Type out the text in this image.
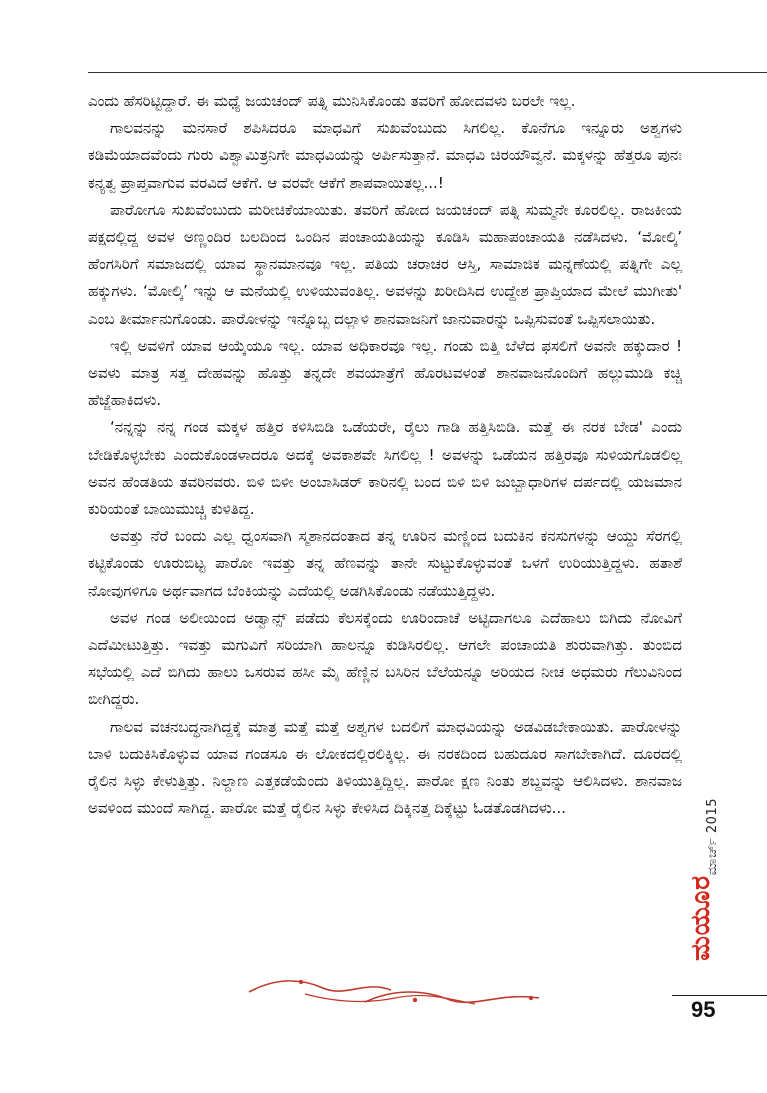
ಎಂದು ಹೆಸರಿಟ್ಟಿದ್ದಾರೆ. ಈ ಮಧ್ಯೆ ಜಯಚಂದ್ ಪತ್ನಿ ಮುನಿಸಿಕೊಂಡು ತವರಿಗೆ ಹೋದವಳು ಬರಲೇ ಇಲ್ಲ.

ಗಾಲವನನ್ನು ಮನಸಾರೆ ಶಪಿಸಿದರೂ ಮಾಧವಿಗೆ ಸುಖವೆಂಬುದು ಸಿಗಲಿಲ್ಲ. ಕೊನೆಗೂ ಇನ್ನೂರು ಅಶ್ವಗಳು ಕಡಿಮೆಯಾದವೆಂದು ಗುರು ವಿಶ್ವಾಮಿತ್ರನಿಗೇ ಮಾಧವಿಯನ್ನು ಅರ್ಪಿಸುತ್ತಾನೆ. ಮಾಧವಿ ಚಿರಯೌವ್ವನೆ. ಮಕ್ಕಳನ್ನು ಹೆತ್ತರೂ ಪುನಃ ಕನ್ಯತ್ವ ಪ್ರಾಪ್ತವಾಗುವ ವರವಿದೆ ಆಕೆಗೆ. ಆ ವರವೇ ಆಕೆಗೆ ಶಾಪವಾಯಿತಲ್ಲ...!

ಪಾರೋಗೂ ಸುಖವೆಂಬುದು ಮರೀಚಿಕೆಯಾಯಿತು. ತವರಿಗೆ ಹೋದ ಜಯಚಂದ್ ಪತ್ನಿ ಸುಮ್ಮನೇ ಕೂರಲಿಲ್ಲ. ರಾಜಕೀಯ ಪಕ್ಷದಲ್ಲಿದ್ದ ಅವಳ ಅಣ್ಣಂದಿರ ಬಲದಿಂದ ಒಂದಿನ ಪಂಚಾಯತಿಯನ್ನು ಕೂಡಿಸಿ ಮಹಾಪಂಚಾಯತಿ ನಡೆಸಿದಳು. ‘ಮೋಲ್ಕಿ’ ಹೆಂಗಸಿರಿಗೆ ಸಮಾಜದಲ್ಲಿ ಯಾವ ಸ್ಥಾನಮಾನವೂ ಇಲ್ಲ. ಪತಿಯ ಚರಾಚರ ಆಸ್ತಿ, ಸಾಮಾಜಿಕ ಮನ್ನಣೆಯಲ್ಲಿ ಪತ್ನಿಗೇ ಎಲ್ಲ ಹಕ್ಕುಗಳು. ‘ಮೋಲ್ಕಿ’ ಇನ್ನು ಆ ಮನೆಯಲ್ಲಿ ಉಳಿಯುವಂತಿಲ್ಲ. ಅವಳನ್ನು ಖರೀದಿಸಿದ ಉದ್ದೇಶ ಪ್ರಾಪ್ತಿಯಾದ ಮೇಲೆ ಮುಗೀತು' ಎಂಬ ತೀರ್ಮಾನುಗೊಂಡು. ಪಾರೋಳನ್ನು ಇನ್ನೊಬ್ಬ ದಲ್ಲಾಳಿ ಶಾನವಾಜನಿಗೆ ಜಾನುವಾರನ್ನು ಒಪ್ಪಿಸುವಂತೆ ಒಪ್ಪಿಸಲಾಯಿತು.

ಇಲ್ಲಿ ಅವಳಿಗೆ ಯಾವ ಆಯ್ಕೆಯೂ ಇಲ್ಲ. ಯಾವ ಅಧಿಕಾರವೂ ಇಲ್ಲ. ಗಂಡು ಬಿತ್ತಿ ಬೆಳೆದ ಫಸಲಿಗೆ ಅವನೇ ಹಕ್ಕುದಾರ ! ಅವಳು ಮಾತ್ರ ಸತ್ತ ದೇಹವನ್ನು ಹೊತ್ತು ತನ್ನದೇ ಶವಯಾತ್ರೆಗೆ ಹೊರಟವಳಂತೆ ಶಾನವಾಜನೊಂದಿಗೆ ಹಲ್ಲುಮುಡಿ ಕಚ್ಚಿ ಹೆಜ್ಜೆಹಾಕಿದಳು.

‘ನನ್ನನ್ನು ನನ್ನ ಗಂಡ ಮಕ್ಕಳ ಹತ್ತಿರ ಕಳಿಸಿಬಿಡಿ ಒಡೆಯರೇ, ರೈಲು ಗಾಡಿ ಹತ್ತಿಸಿಬಿಡಿ. ಮತ್ತೆ ಈ ನರಕ ಬೇಡ' ಎಂದು ಬೇಡಿಕೊಳ್ಳಬೇಕು ಎಂದುಕೊಂಡಳಾದರೂ ಅದಕ್ಕೆ ಅವಕಾಶವೇ ಸಿಗಲಿಲ್ಲ ! ಅವಳನ್ನು ಒಡೆಯನ ಹತ್ತಿರವೂ ಸುಳಿಯಗೊಡಲಿಲ್ಲ ಅವನ ಹೆಂಡತಿಯ ತವರಿನವರು. ಬಿಳಿ ಬಿಳೀ ಅಂಬಾಸಿಡರ್ ಕಾರಿನಲ್ಲಿ ಬಂದ ಬಿಳಿ ಬಿಳಿ ಜುಬ್ಬಾಧಾರಿಗಳ ದರ್ಪದಲ್ಲಿ ಯಜಮಾನ ಕುರಿಯಂತೆ ಬಾಯಿಮುಚ್ಚಿ ಕುಳಿತಿದ್ದ.

ಅವತ್ತು ನೆರೆ ಬಂದು ಎಲ್ಲ ಧ್ವಂಸವಾಗಿ ಸ್ಮಶಾನದಂತಾದ ತನ್ನ ಊರಿನ ಮಣ್ಣಿಂದ ಬದುಕಿನ ಕನಸುಗಳನ್ನು ಆಯ್ದು ಸೆರಗಲ್ಲಿ ಕಟ್ಟಿಕೊಂಡು ಊರುಬಿಟ್ಟ ಪಾರೋ ಇವತ್ತು ತನ್ನ ಹೆಣವನ್ನು ತಾನೇ ಸುಟ್ಟುಕೊಳ್ಳುವಂತೆ ಒಳಗೆ ಉರಿಯುತ್ತಿದ್ದಳು. ಹತಾಶೆ ನೋವುಗಳಿಗೂ ಅರ್ಥವಾಗದ ಬೆಂಕಿಯನ್ನು ಎದೆಯಲ್ಲಿ ಅಡಗಿಸಿಕೊಂಡು ನಡೆಯುತ್ತಿದ್ದಳು.

ಅವಳ ಗಂಡ ಅಲೀಯಿಂದ ಅಡ್ವಾನ್ಸ್ ಪಡೆದು ಕೆಲಸಕ್ಕೆಂದು ಊರಿಂದಾಚೆ ಅಟ್ಟಿದಾಗಲೂ ಎದೆಹಾಲು ಬಿಗಿದು ನೋವಿಗೆ ಎದೆಮೀಟುತ್ತಿತ್ತು. ಇವತ್ತು ಮಗುವಿಗೆ ಸರಿಯಾಗಿ ಹಾಲನ್ನೂ ಕುಡಿಸಿರಲಿಲ್ಲ. ಆಗಲೇ ಪಂಚಾಯತಿ ಶುರುವಾಗಿತ್ತು. ತುಂಬಿದ ಸಭೆಯಲ್ಲಿ ಎದೆ ಬಿಗಿದು ಹಾಲು ಒಸರುವ ಹಸೀ ಮೈ ಹೆಣ್ಣಿನ ಬಸಿರಿನ ಬೆಲೆಯನ್ನೂ ಅರಿಯದ ನೀಚ ಅಧಮರು ಗೆಲುವಿನಿಂದ ಬೀಗಿದ್ದರು.

ಗಾಲವ ವಚನಬದ್ಧನಾಗಿದ್ದಕ್ಕೆ ಮಾತ್ರ ಮತ್ತೆ ಮತ್ತೆ ಅಶ್ವಗಳ ಬದಲಿಗೆ ಮಾಧವಿಯನ್ನು ಅಡವಿಡಬೇಕಾಯಿತು. ಪಾರೋಳನ್ನು ಬಾಳಿ ಬದುಕಿಸಿಕೊಳ್ಳುವ ಯಾವ ಗಂಡಸೂ ಈ ಲೋಕದಲ್ಲಿರಲಿಕ್ಕಿಲ್ಲ. ಈ ನರಕದಿಂದ ಬಹುದೂರ ಸಾಗಬೇಕಾಗಿದೆ. ದೂರದಲ್ಲಿ ರೈಲಿನ ಸಿಳ್ಳು ಕೇಳುತ್ತಿತ್ತು. ನಿಲ್ದಾಣ ಎತ್ತಕಡೆಯೆಂದು ತಿಳಿಯುತ್ತಿದ್ದಿಲ್ಲ. ಪಾರೋ ಕ್ಷಣ ನಿಂತು ಶಬ್ದವನ್ನು ಆಲಿಸಿದಳು. ಶಾನವಾಜ ಅವಳಿಂದ ಮುಂದೆ ಸಾಗಿದ್ದ. ಪಾರೋ ಮತ್ತೆ ರೈಲಿನ ಸಿಳ್ಳು ಕೇಳಿಸಿದ ದಿಕ್ಕಿನತ್ತ ದಿಕ್ಕೆಟ್ಟು ಓಡತೊಡಗಿದಳು...	ಮಾರ್ಚ್ 2015
ಮಯೂರ
95
